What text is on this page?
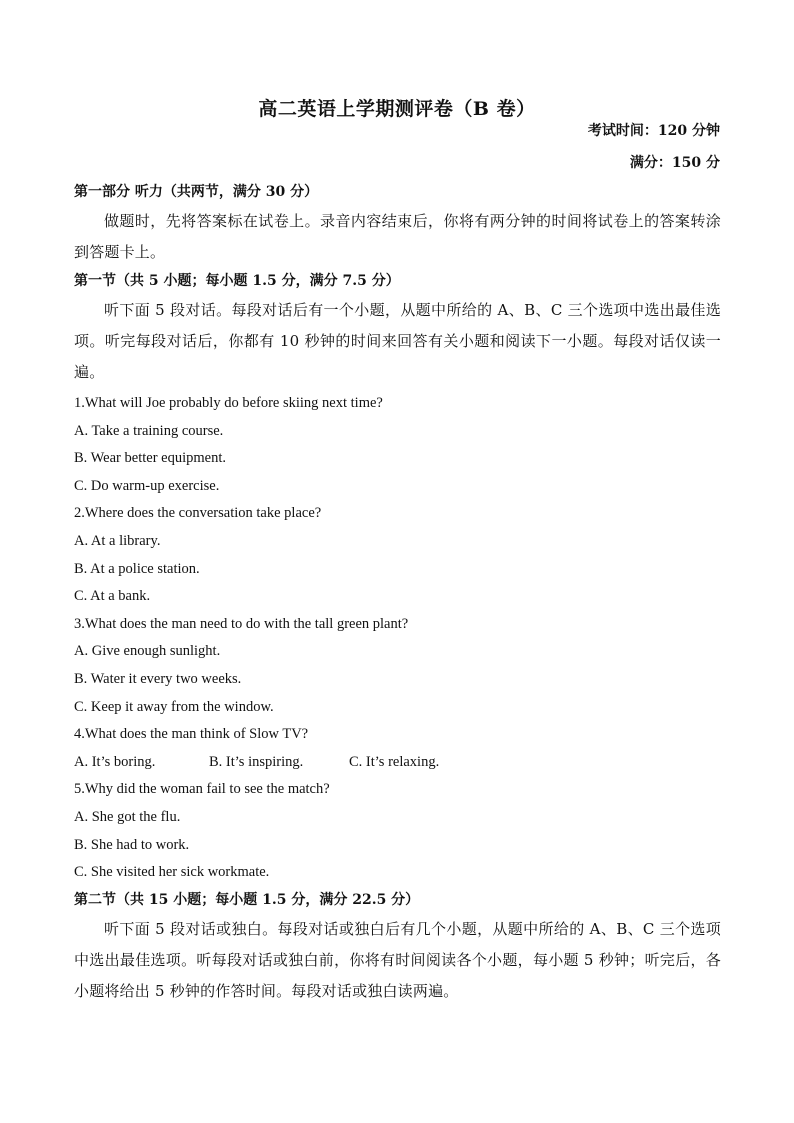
高二英语上学期测评卷（B 卷）
考试时间：120 分钟
满分：150 分
第一部分 听力（共两节，满分 30 分）

做题时，先将答案标在试卷上。录音内容结束后，你将有两分钟的时间将试卷上的答案转涂到答题卡上。

第一节（共 5 小题；每小题 1.5 分，满分 7.5 分）

听下面 5 段对话。每段对话后有一个小题，从题中所给的 A、B、C 三个选项中选出最佳选项。听完每段对话后，你都有 10 秒钟的时间来回答有关小题和阅读下一小题。每段对话仅读一遍。

1.What will Joe probably do before skiing next time?
A. Take a training course.
B. Wear better equipment.
C. Do warm-up exercise.
2.Where does the conversation take place?
A. At a library.
B. At a police station.
C. At a bank.
3.What does the man need to do with the tall green plant?
A. Give enough sunlight.
B. Water it every two weeks.
C. Keep it away from the window.
4.What does the man think of Slow TV?
A. It’s boring.	B. It’s inspiring.	C. It’s relaxing.
5.Why did the woman fail to see the match?
A. She got the flu.
B. She had to work.
C. She visited her sick workmate.
第二节（共 15 小题；每小题 1.5 分，满分 22.5 分）

听下面 5 段对话或独白。每段对话或独白后有几个小题，从题中所给的 A、B、C 三个选项中选出最佳选项。听每段对话或独白前，你将有时间阅读各个小题，每小题 5 秒钟；听完后，各小题将给出 5 秒钟的作答时间。每段对话或独白读两遍。
